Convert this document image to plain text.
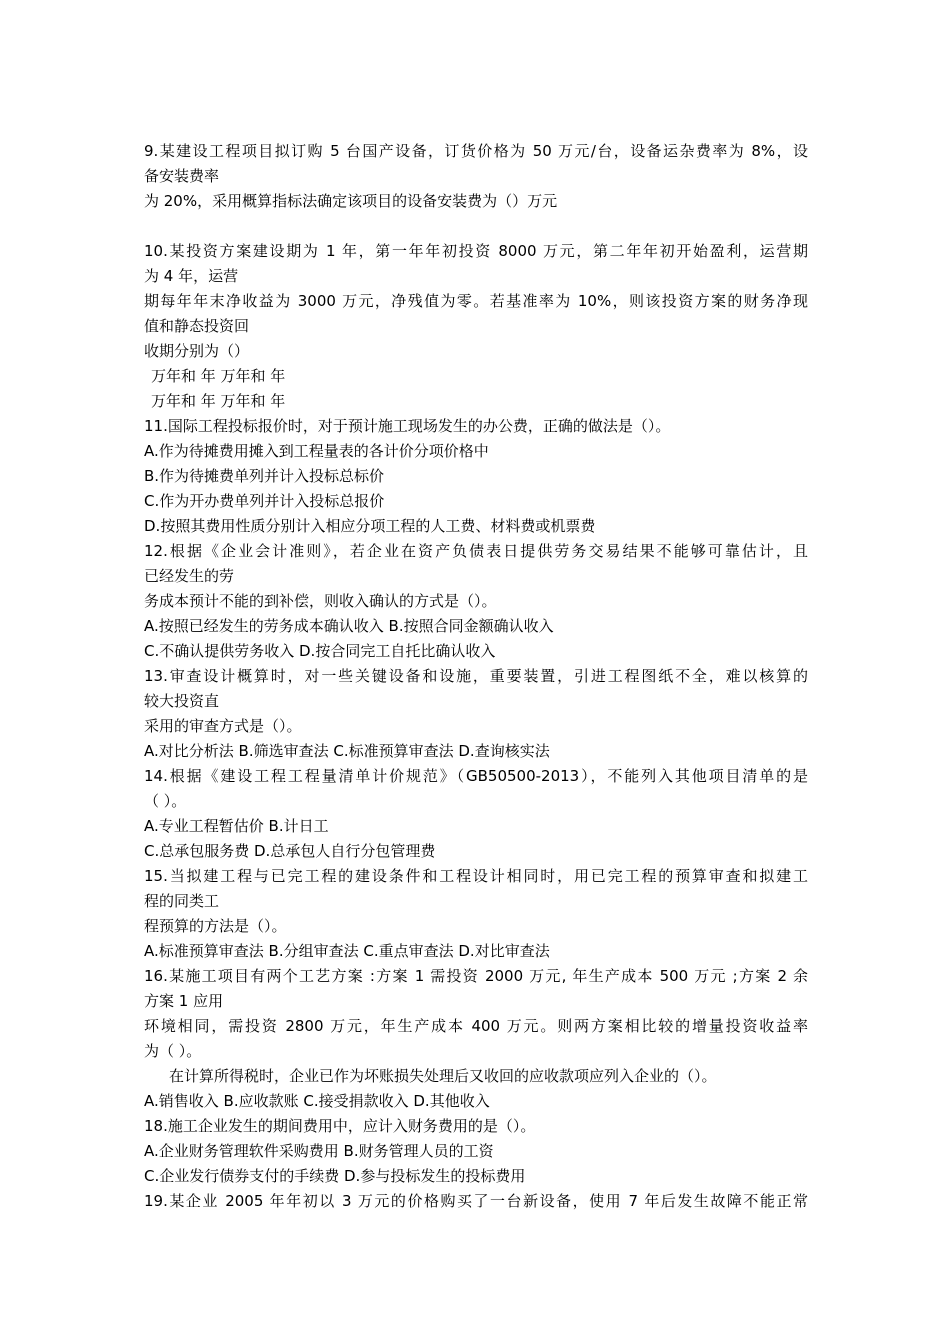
9.某建设工程项目拟订购 5 台国产设备，订货价格为 50 万元/台，设备运杂费率为 8%，设
备安装费率
为 20%，采用概算指标法确定该项目的设备安装费为（）万元
10.某投资方案建设期为 1 年，第一年年初投资 8000 万元，第二年年初开始盈利，运营期
为 4 年，运营
期每年年末净收益为 3000 万元，净残值为零。若基准率为 10%，则该投资方案的财务净现
值和静态投资回
收期分别为（）
万年和 年 万年和 年
万年和 年 万年和 年
11.国际工程投标报价时，对于预计施工现场发生的办公费，正确的做法是（）。
A.作为待摊费用摊入到工程量表的各计价分项价格中
B.作为待摊费单列并计入投标总标价
C.作为开办费单列并计入投标总报价
D.按照其费用性质分别计入相应分项工程的人工费、材料费或机票费
12.根据《企业会计准则》，若企业在资产负债表日提供劳务交易结果不能够可靠估计，且
已经发生的劳
务成本预计不能的到补偿，则收入确认的方式是（）。
A.按照已经发生的劳务成本确认收入 B.按照合同金额确认收入
C.不确认提供劳务收入 D.按合同完工自托比确认收入
13.审查设计概算时，对一些关键设备和设施，重要装置，引进工程图纸不全，难以核算的
较大投资直
采用的审查方式是（）。
A.对比分析法 B.筛选审查法 C.标准预算审查法 D.查询核实法
14.根据《建设工程工程量清单计价规范》（GB50500-2013），不能列入其他项目清单的是
（ ）。
A.专业工程暂估价 B.计日工
C.总承包服务费 D.总承包人自行分包管理费
15.当拟建工程与已完工程的建设条件和工程设计相同时，用已完工程的预算审查和拟建工
程的同类工
程预算的方法是（）。
A.标准预算审查法 B.分组审查法 C.重点审查法 D.对比审查法
16.某施工项目有两个工艺方案 :方案 1 需投资 2000 万元, 年生产成本 500 万元 ;方案 2 余
方案 1 应用
环境相同，需投资 2800 万元，年生产成本 400 万元。则两方案相比较的增量投资收益率
为（ ）。
在计算所得税时，企业已作为坏账损失处理后又收回的应收款项应列入企业的（）。
A.销售收入 B.应收款账 C.接受捐款收入 D.其他收入
18.施工企业发生的期间费用中，应计入财务费用的是（）。
A.企业财务管理软件采购费用 B.财务管理人员的工资
C.企业发行债券支付的手续费 D.参与投标发生的投标费用
19.某企业 2005 年年初以 3 万元的价格购买了一台新设备，使用 7 年后发生故障不能正常
